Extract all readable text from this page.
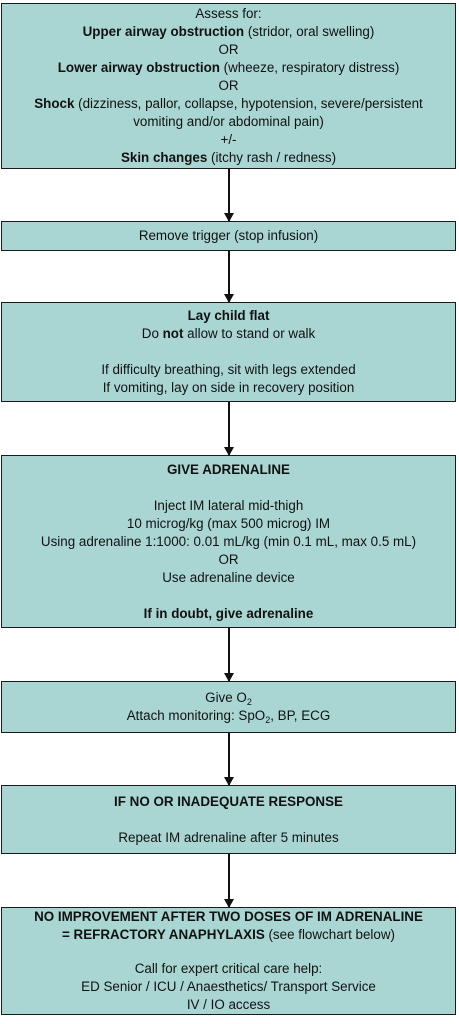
Assess for:
Upper airway obstruction (stridor, oral swelling)
OR
Lower airway obstruction (wheeze, respiratory distress)
OR
Shock (dizziness, pallor, collapse, hypotension, severe/persistent
vomiting and/or abdominal pain)
+/-
Skin changes (itchy rash / redness)
Remove trigger (stop infusion)
Lay child flat
Do not allow to stand or walk
If difficulty breathing, sit with legs extended
If vomiting, lay on side in recovery position
GIVE ADRENALINE
Inject IM lateral mid-thigh
10 microg/kg (max 500 microg) IM
Using adrenaline 1:1000: 0.01 mL/kg (min 0.1 mL, max 0.5 mL)
OR
Use adrenaline device
If in doubt, give adrenaline
Give $O_2$
Attach monitoring: SpO$_2$, BP, ECG
IF NO OR INADEQUATE RESPONSE
Repeat IM adrenaline after 5 minutes
NO IMPROVEMENT AFTER TWO DOSES OF IM ADRENALINE
= REFRACTORY ANAPHYLAXIS (see flowchart below)
Call for expert critical care help:
ED Senior / ICU / Anaesthetics/ Transport Service
IV / IO access
